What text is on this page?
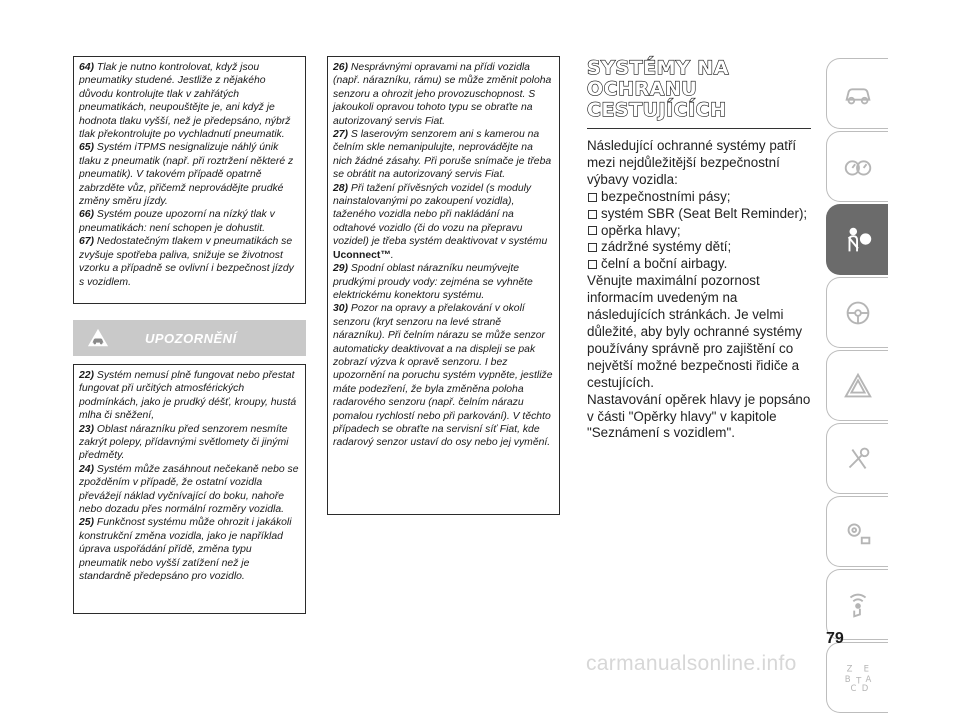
64) Tlak je nutno kontrolovat, když jsou pneumatiky studené. Jestliže z nějakého důvodu kontrolujte tlak v zahřátých pneumatikách, neupouštějte je, ani když je hodnota tlaku vyšší, než je předepsáno, nýbrž tlak překontrolujte po vychladnutí pneumatik.

65) Systém iTPMS nesignalizuje náhlý únik tlaku z pneumatik (např. při roztržení některé z pneumatik). V takovém případě opatrně zabrzděte vůz, přičemž neprovádějte prudké změny směru jízdy.

66) Systém pouze upozorní na nízký tlak v pneumatikách: není schopen je dohustit.

67) Nedostatečným tlakem v pneumatikách se zvyšuje spotřeba paliva, snižuje se životnost vzorku a případně se ovlivní i bezpečnost jízdy s vozidlem.

UPOZORNĚNÍ

22) Systém nemusí plně fungovat nebo přestat fungovat při určitých atmosférických podmínkách, jako je prudký déšť, kroupy, hustá mlha či sněžení,

23) Oblast nárazníku před senzorem nesmíte zakrýt polepy, přídavnými světlomety či jinými předměty.

24) Systém může zasáhnout nečekaně nebo se zpožděním v případě, že ostatní vozidla převážejí náklad vyčnívající do boku, nahoře nebo dozadu přes normální rozměry vozidla.

25) Funkčnost systému může ohrozit i jakákoli konstrukční změna vozidla, jako je například úprava uspořádání přídě, změna typu pneumatik nebo vyšší zatížení než je standardně předepsáno pro vozidlo.

26) Nesprávnými opravami na přídi vozidla (např. nárazníku, rámu) se může změnit poloha senzoru a ohrozit jeho provozuschopnost. S jakoukoli opravou tohoto typu se obraťte na autorizovaný servis Fiat.

27) S laserovým senzorem ani s kamerou na čelním skle nemanipulujte, neprovádějte na nich žádné zásahy. Při poruše snímače je třeba se obrátit na autorizovaný servis Fiat.

28) Při tažení přívěsných vozidel (s moduly nainstalovanými po zakoupení vozidla), taženého vozidla nebo při nakládání na odtahové vozidlo (či do vozu na přepravu vozidel) je třeba systém deaktivovat v systému Uconnect™.

29) Spodní oblast nárazníku neumývejte prudkými proudy vody: zejména se vyhněte elektrickému konektoru systému.

30) Pozor na opravy a přelakování v okolí senzoru (kryt senzoru na levé straně nárazníku). Při čelním nárazu se může senzor automaticky deaktivovat a na displeji se pak zobrazí výzva k opravě senzoru. I bez upozornění na poruchu systém vypněte, jestliže máte podezření, že byla změněna poloha radarového senzoru (např. čelním nárazu pomalou rychlostí nebo při parkování). V těchto případech se obraťte na servisní síť Fiat, kde radarový senzor ustaví do osy nebo jej vymění.

SYSTÉMY NA
OCHRANU
CESTUJÍCÍCH

Následující ochranné systémy patří mezi nejdůležitější bezpečnostní výbavy vozidla:

bezpečnostními pásy;
systém SBR (Seat Belt Reminder);
opěrka hlavy;
zádržné systémy dětí;
čelní a boční airbagy.

Věnujte maximální pozornost informacím uvedeným na následujících stránkách. Je velmi důležité, aby byly ochranné systémy používány správně pro zajištění co největší možné bezpečnosti řidiče a cestujících.

Nastavování opěrek hlavy je popsáno v části "Opěrky hlavy" v kapitole "Seznámení s vozidlem".

Z E
B A
C
T
D
79
carmanualsonline.info
